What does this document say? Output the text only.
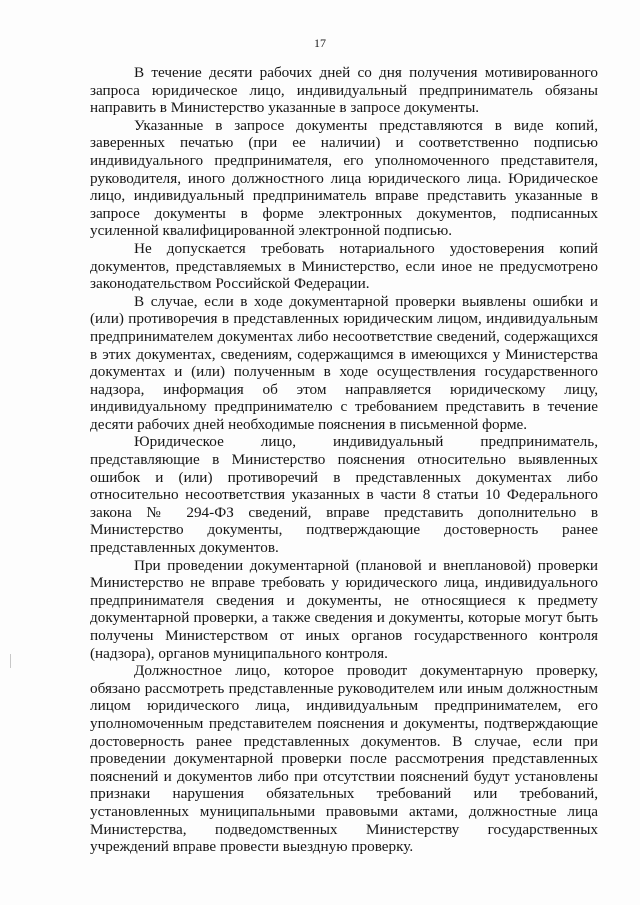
17

В течение десяти рабочих дней со дня получения мотивированного запроса юридическое лицо, индивидуальный предприниматель обязаны направить в Министерство указанные в запросе документы.

Указанные в запросе документы представляются в виде копий, заверенных печатью (при ее наличии) и соответственно подписью индивидуального предпринимателя, его уполномоченного представителя, руководителя, иного должностного лица юридического лица. Юридическое лицо, индивидуальный предприниматель вправе представить указанные в запросе документы в форме электронных документов, подписанных усиленной квалифицированной электронной подписью.

Не допускается требовать нотариального удостоверения копий документов, представляемых в Министерство, если иное не предусмотрено законодательством Российской Федерации.

В случае, если в ходе документарной проверки выявлены ошибки и (или) противоречия в представленных юридическим лицом, индивидуальным предпринимателем документах либо несоответствие сведений, содержащихся в этих документах, сведениям, содержащимся в имеющихся у Министерства документах и (или) полученным в ходе осуществления государственного надзора, информация об этом направляется юридическому лицу, индивидуальному предпринимателю с требованием представить в течение десяти рабочих дней необходимые пояснения в письменной форме.

Юридическое лицо, индивидуальный предприниматель, представляющие в Министерство пояснения относительно выявленных ошибок и (или) противоречий в представленных документах либо относительно несоответствия указанных в части 8 статьи 10 Федерального закона № 294-ФЗ сведений, вправе представить дополнительно в Министерство документы, подтверждающие достоверность ранее представленных документов.

При проведении документарной (плановой и внеплановой) проверки Министерство не вправе требовать у юридического лица, индивидуального предпринимателя сведения и документы, не относящиеся к предмету документарной проверки, а также сведения и документы, которые могут быть получены Министерством от иных органов государственного контроля (надзора), органов муниципального контроля.

Должностное лицо, которое проводит документарную проверку, обязано рассмотреть представленные руководителем или иным должностным лицом юридического лица, индивидуальным предпринимателем, его уполномоченным представителем пояснения и документы, подтверждающие достоверность ранее представленных документов. В случае, если при проведении документарной проверки после рассмотрения представленных пояснений и документов либо при отсутствии пояснений будут установлены признаки нарушения обязательных требований или требований, установленных муниципальными правовыми актами, должностные лица Министерства, подведомственных Министерству государственных учреждений вправе провести выездную проверку.
